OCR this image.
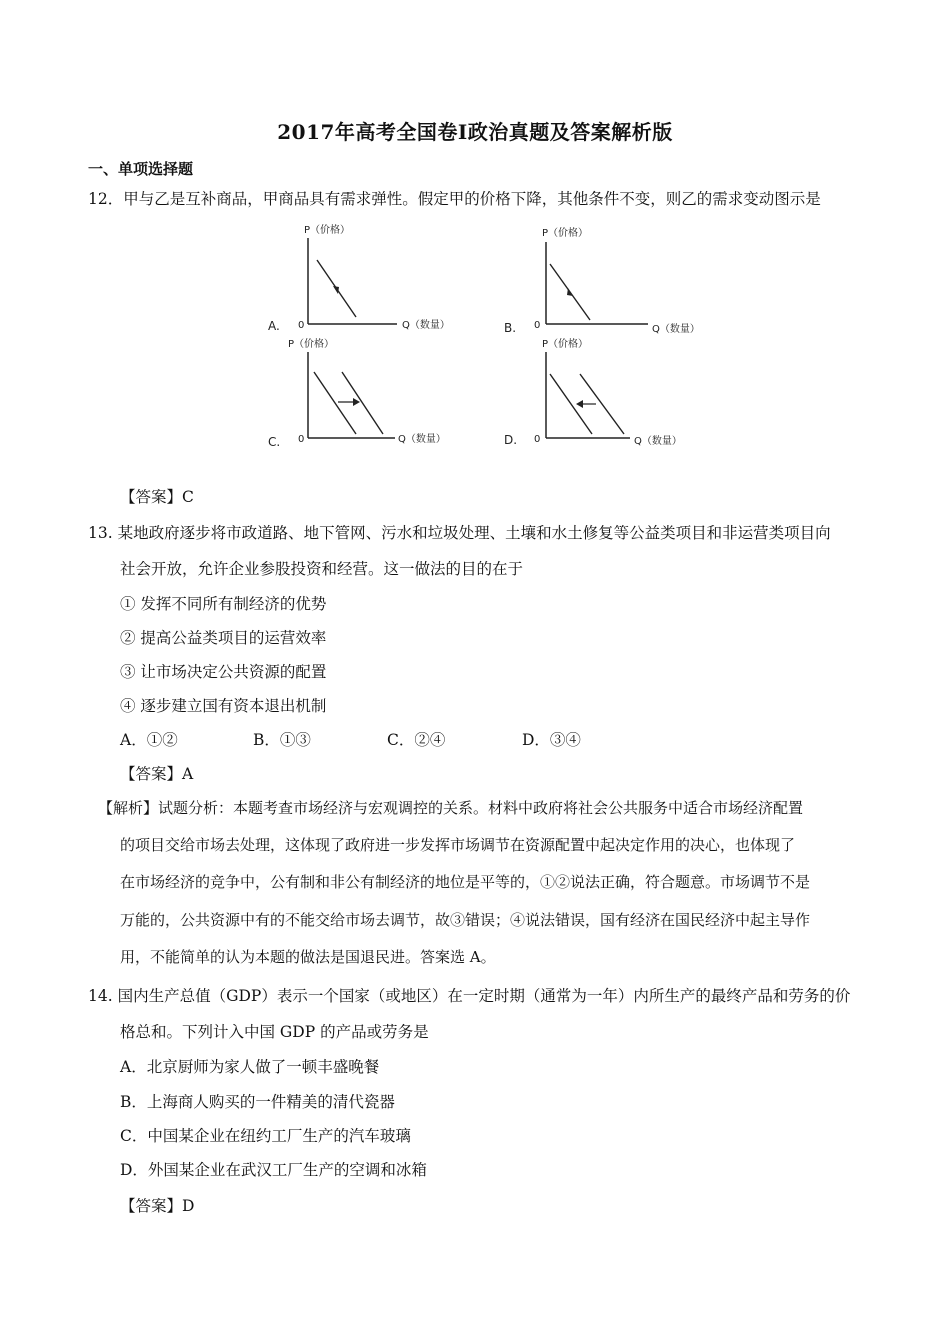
2017年高考全国卷Ⅰ政治真题及答案解析版
一、单项选择题
12．甲与乙是互补商品，甲商品具有需求弹性。假定甲的价格下降，其他条件不变，则乙的需求变动图示是
P（价格）
0	Q（数量）
A.
P（价格）
0	Q（数量）
B.
P（价格）
0	Q（数量）
C.
P（价格）
0	Q（数量）
D.
【答案】C
13. 某地政府逐步将市政道路、地下管网、污水和垃圾处理、土壤和水土修复等公益类项目和非运营类项目向
社会开放，允许企业参股投资和经营。这一做法的目的在于
① 发挥不同所有制经济的优势
② 提高公益类项目的运营效率
③ 让市场决定公共资源的配置
④ 逐步建立国有资本退出机制
A．①②	B．①③	C．②④	D．③④
【答案】A
【解析】试题分析：本题考查市场经济与宏观调控的关系。材料中政府将社会公共服务中适合市场经济配置
的项目交给市场去处理，这体现了政府进一步发挥市场调节在资源配置中起决定作用的决心，也体现了
在市场经济的竞争中，公有制和非公有制经济的地位是平等的，①②说法正确，符合题意。市场调节不是
万能的，公共资源中有的不能交给市场去调节，故③错误；④说法错误，国有经济在国民经济中起主导作
用，不能简单的认为本题的做法是国退民进。答案选 A。
14. 国内生产总值（GDP）表示一个国家（或地区）在一定时期（通常为一年）内所生产的最终产品和劳务的价
格总和。下列计入中国 GDP 的产品或劳务是
A．北京厨师为家人做了一顿丰盛晚餐
B．上海商人购买的一件精美的清代瓷器
C．中国某企业在纽约工厂生产的汽车玻璃
D．外国某企业在武汉工厂生产的空调和冰箱
【答案】D
